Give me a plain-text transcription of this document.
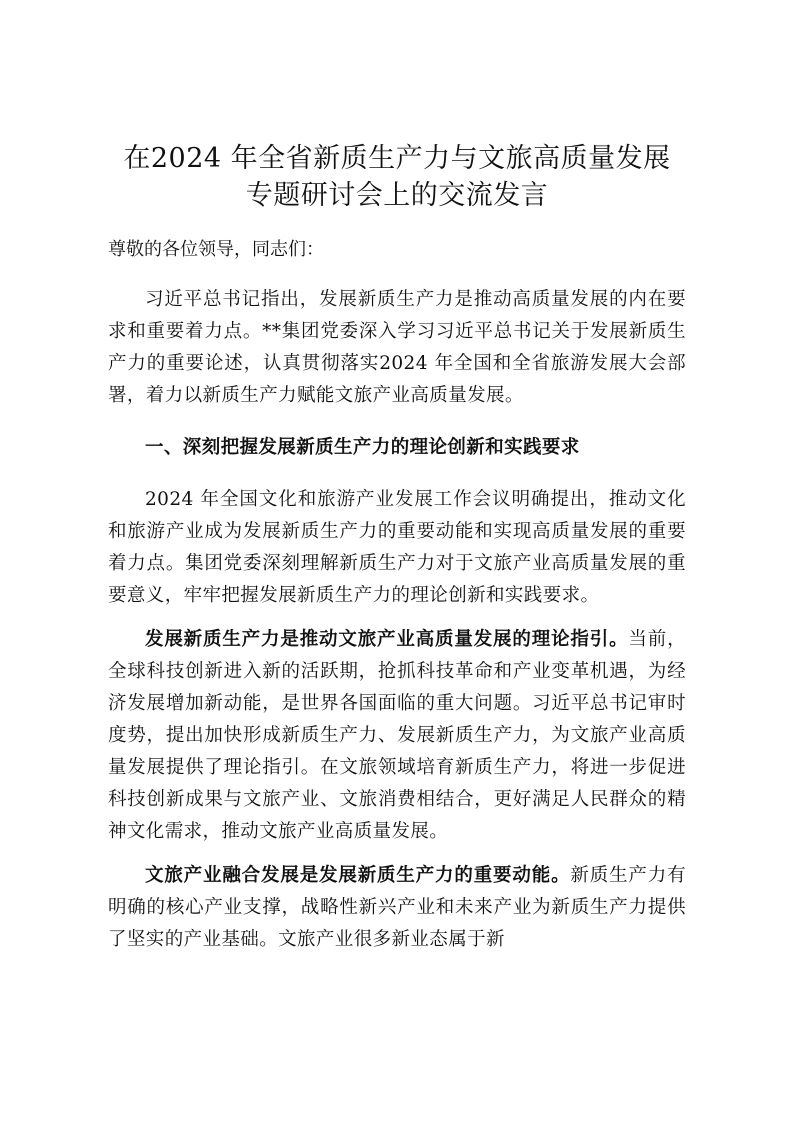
在2024 年全省新质生产力与文旅高质量发展
专题研讨会上的交流发言

尊敬的各位领导，同志们：

习近平总书记指出，发展新质生产力是推动高质量发展的内在要求和重要着力点。**集团党委深入学习习近平总书记关于发展新质生产力的重要论述，认真贯彻落实2024 年全国和全省旅游发展大会部署，着力以新质生产力赋能文旅产业高质量发展。

一、深刻把握发展新质生产力的理论创新和实践要求

2024 年全国文化和旅游产业发展工作会议明确提出，推动文化和旅游产业成为发展新质生产力的重要动能和实现高质量发展的重要着力点。集团党委深刻理解新质生产力对于文旅产业高质量发展的重要意义，牢牢把握发展新质生产力的理论创新和实践要求。

发展新质生产力是推动文旅产业高质量发展的理论指引。当前，全球科技创新进入新的活跃期，抢抓科技革命和产业变革机遇，为经济发展增加新动能，是世界各国面临的重大问题。习近平总书记审时度势，提出加快形成新质生产力、发展新质生产力，为文旅产业高质量发展提供了理论指引。在文旅领域培育新质生产力，将进一步促进科技创新成果与文旅产业、文旅消费相结合，更好满足人民群众的精神文化需求，推动文旅产业高质量发展。

文旅产业融合发展是发展新质生产力的重要动能。新质生产力有明确的核心产业支撑，战略性新兴产业和未来产业为新质生产力提供了坚实的产业基础。文旅产业很多新业态属于新
